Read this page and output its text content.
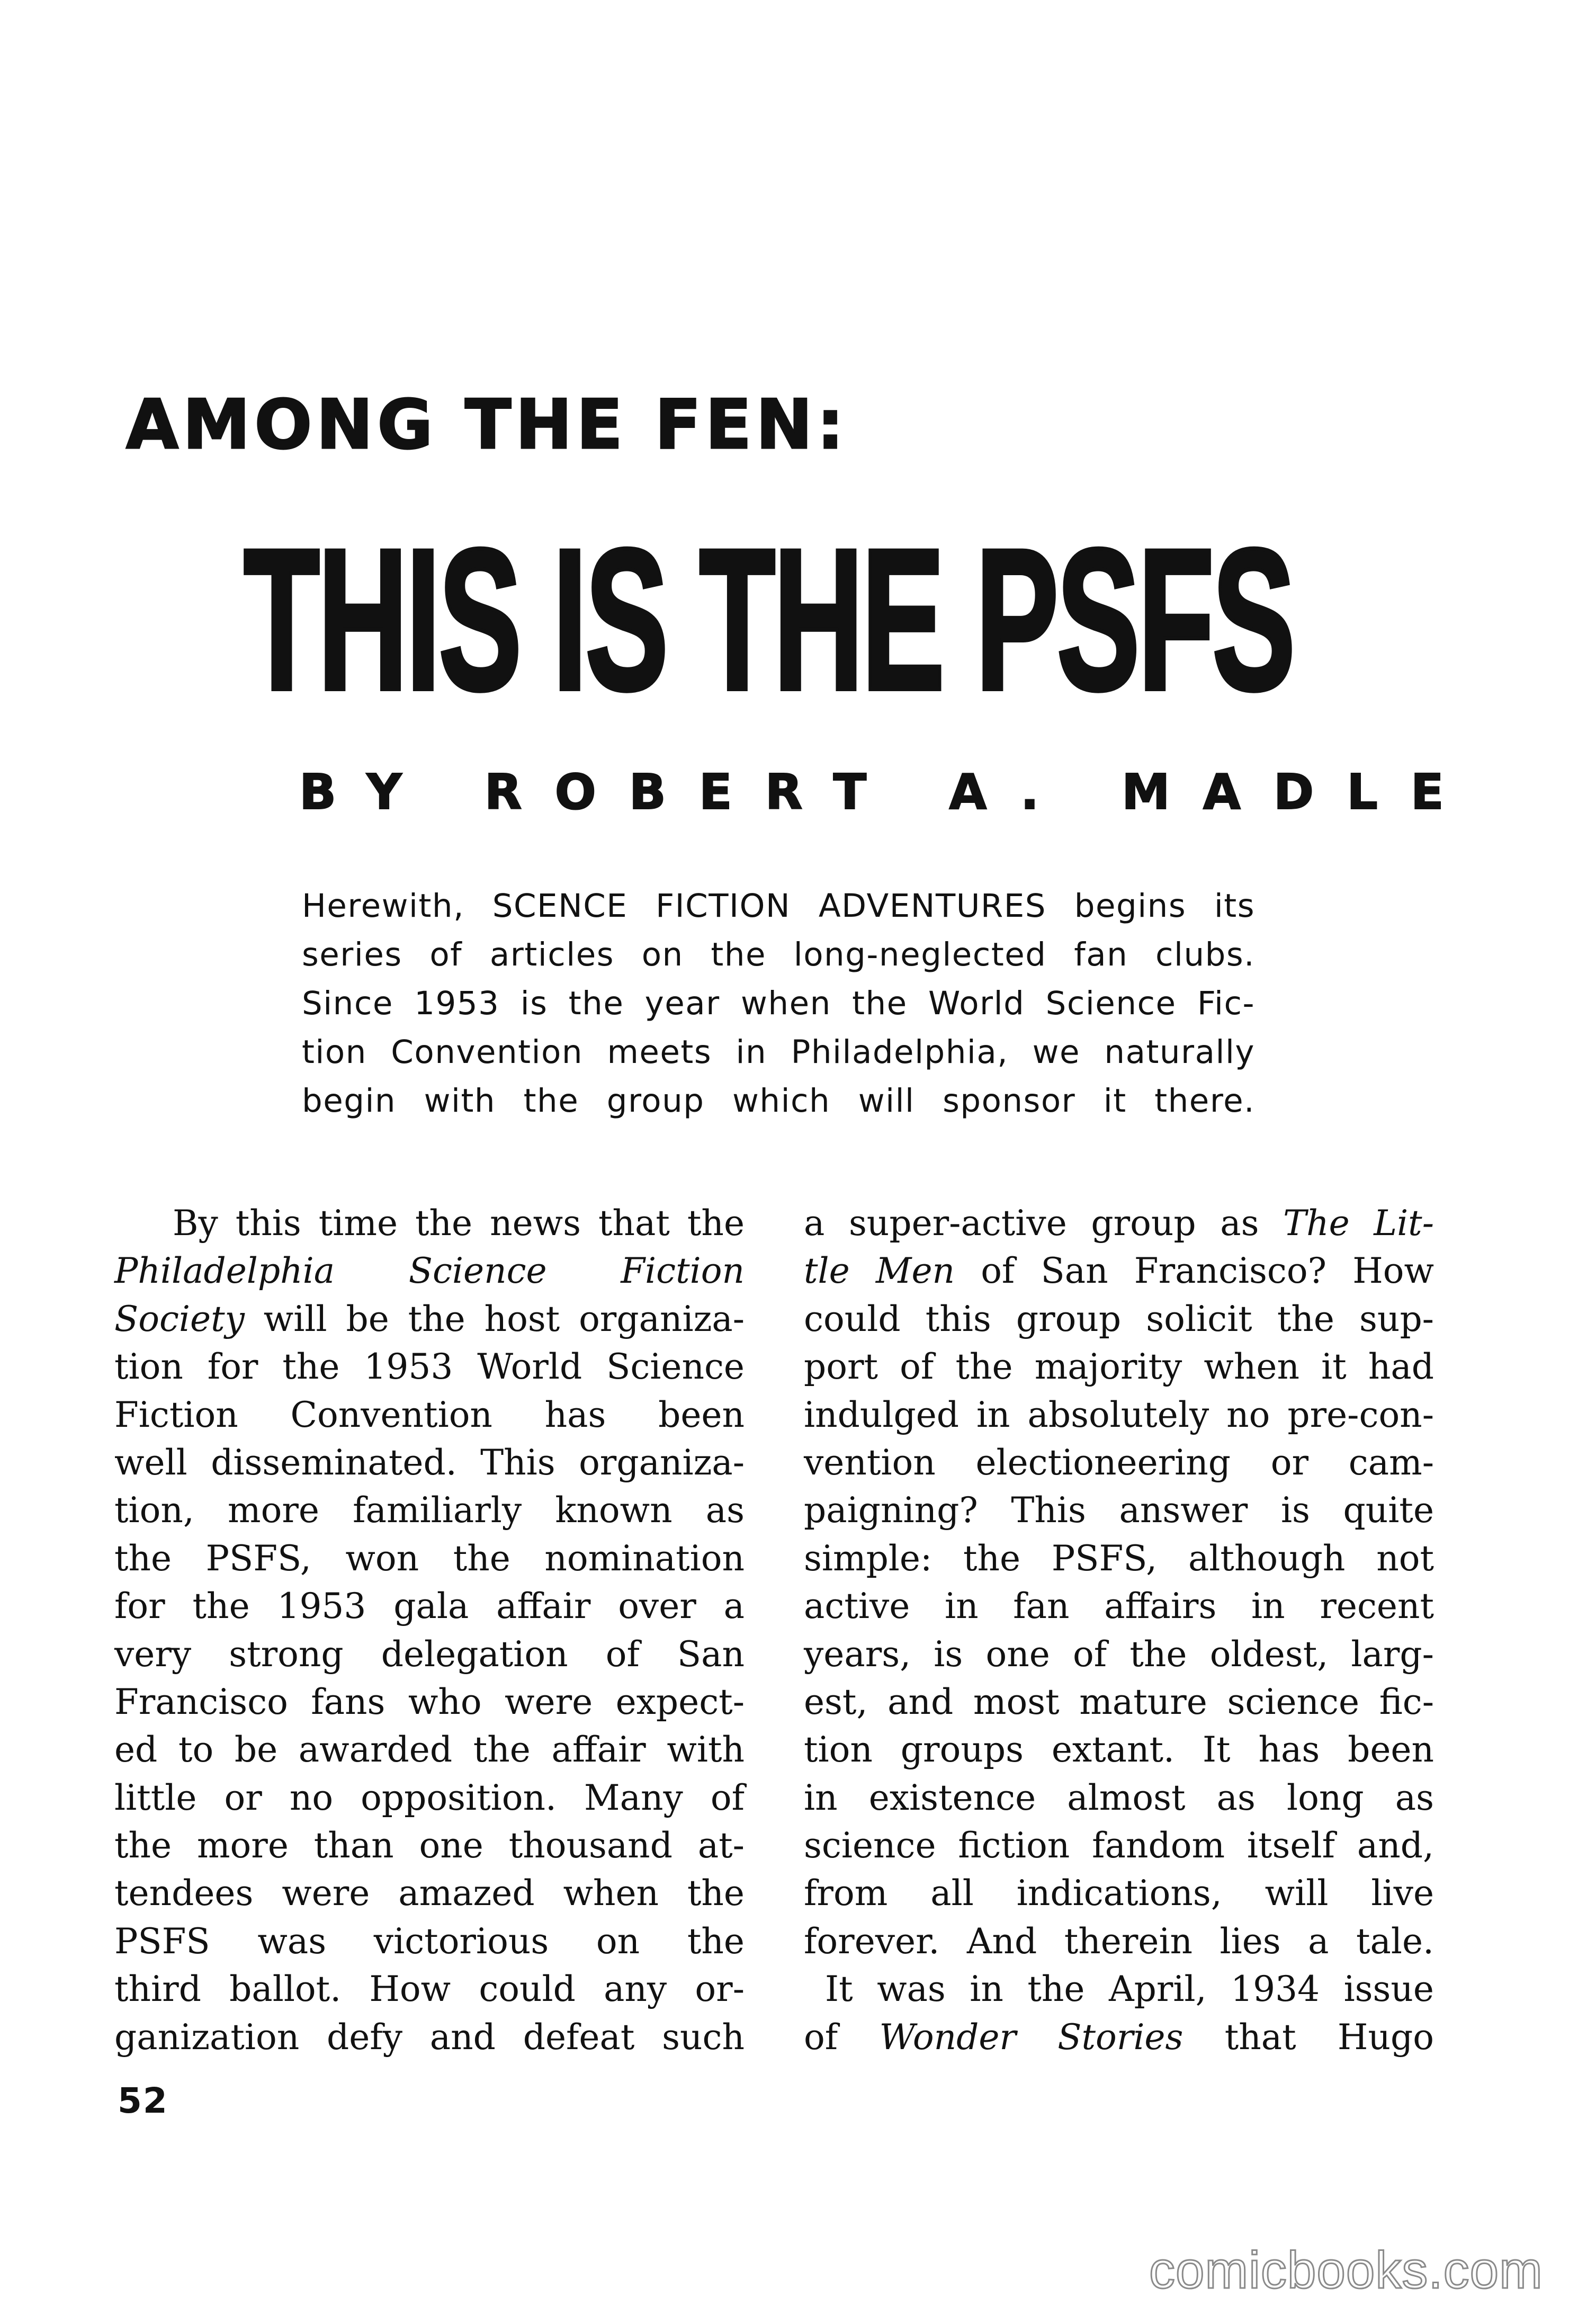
AMONG THE FEN:
THIS IS THE PSFS
BY ROBERT A. MADLE
Herewith, SCENCE FICTION ADVENTURES begins its
series of articles on the long-neglected fan clubs.
Since 1953 is the year when the World Science Fic-
tion Convention meets in Philadelphia, we naturally
begin with the group which will sponsor it there.
By this time the news that the
Philadelphia Science Fiction
Society will be the host organiza-
tion for the 1953 World Science
Fiction Convention has been
well disseminated. This organiza-
tion, more familiarly known as
the PSFS, won the nomination
for the 1953 gala affair over a
very strong delegation of San
Francisco fans who were expect-
ed to be awarded the affair with
little or no opposition. Many of
the more than one thousand at-
tendees were amazed when the
PSFS was victorious on the
third ballot. How could any or-
ganization defy and defeat such
a super-active group as The Lit-
tle Men of San Francisco? How
could this group solicit the sup-
port of the majority when it had
indulged in absolutely no pre-con-
vention electioneering or cam-
paigning? This answer is quite
simple: the PSFS, although not
active in fan affairs in recent
years, is one of the oldest, larg-
est, and most mature science fic-
tion groups extant. It has been
in existence almost as long as
science fiction fandom itself and,
from all indications, will live
forever. And therein lies a tale.
It was in the April, 1934 issue
of Wonder Stories that Hugo
52
comicbooks.com
